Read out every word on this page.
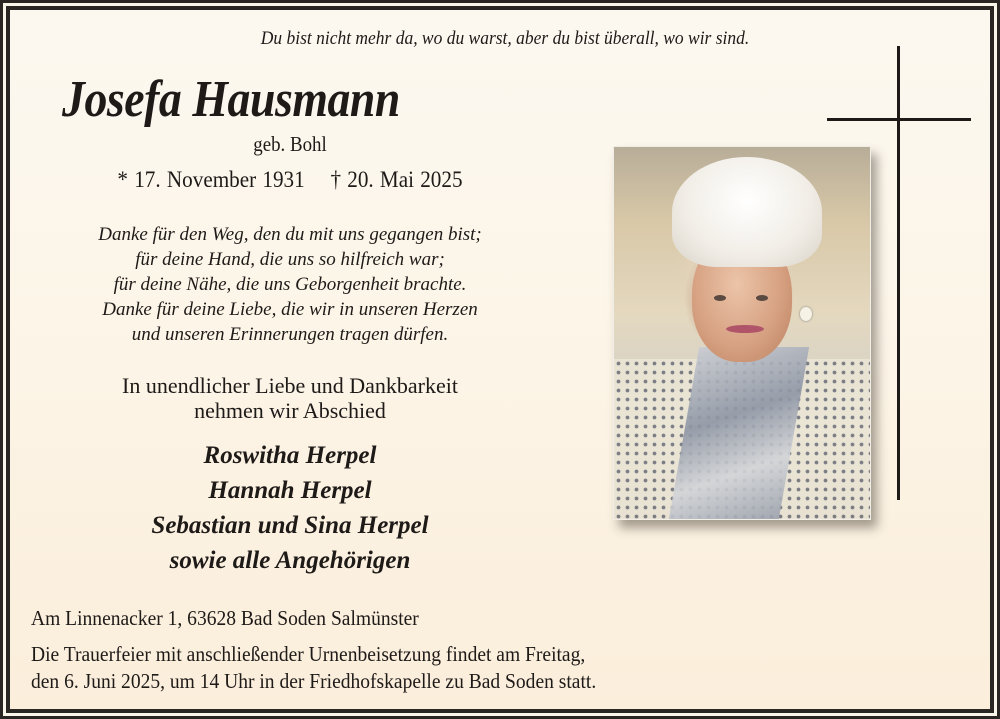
Du bist nicht mehr da, wo du warst, aber du bist überall, wo wir sind.
Josefa Hausmann
geb. Bohl
* 17. November 1931 † 20. Mai 2025
Danke für den Weg, den du mit uns gegangen bist;
für deine Hand, die uns so hilfreich war;
für deine Nähe, die uns Geborgenheit brachte.
Danke für deine Liebe, die wir in unseren Herzen
und unseren Erinnerungen tragen dürfen.
In unendlicher Liebe und Dankbarkeit
nehmen wir Abschied
Roswitha Herpel
Hannah Herpel
Sebastian und Sina Herpel
sowie alle Angehörigen
Am Linnenacker 1, 63628 Bad Soden Salmünster
Die Trauerfeier mit anschließender Urnenbeisetzung findet am Freitag,
den 6. Juni 2025, um 14 Uhr in der Friedhofskapelle zu Bad Soden statt.
